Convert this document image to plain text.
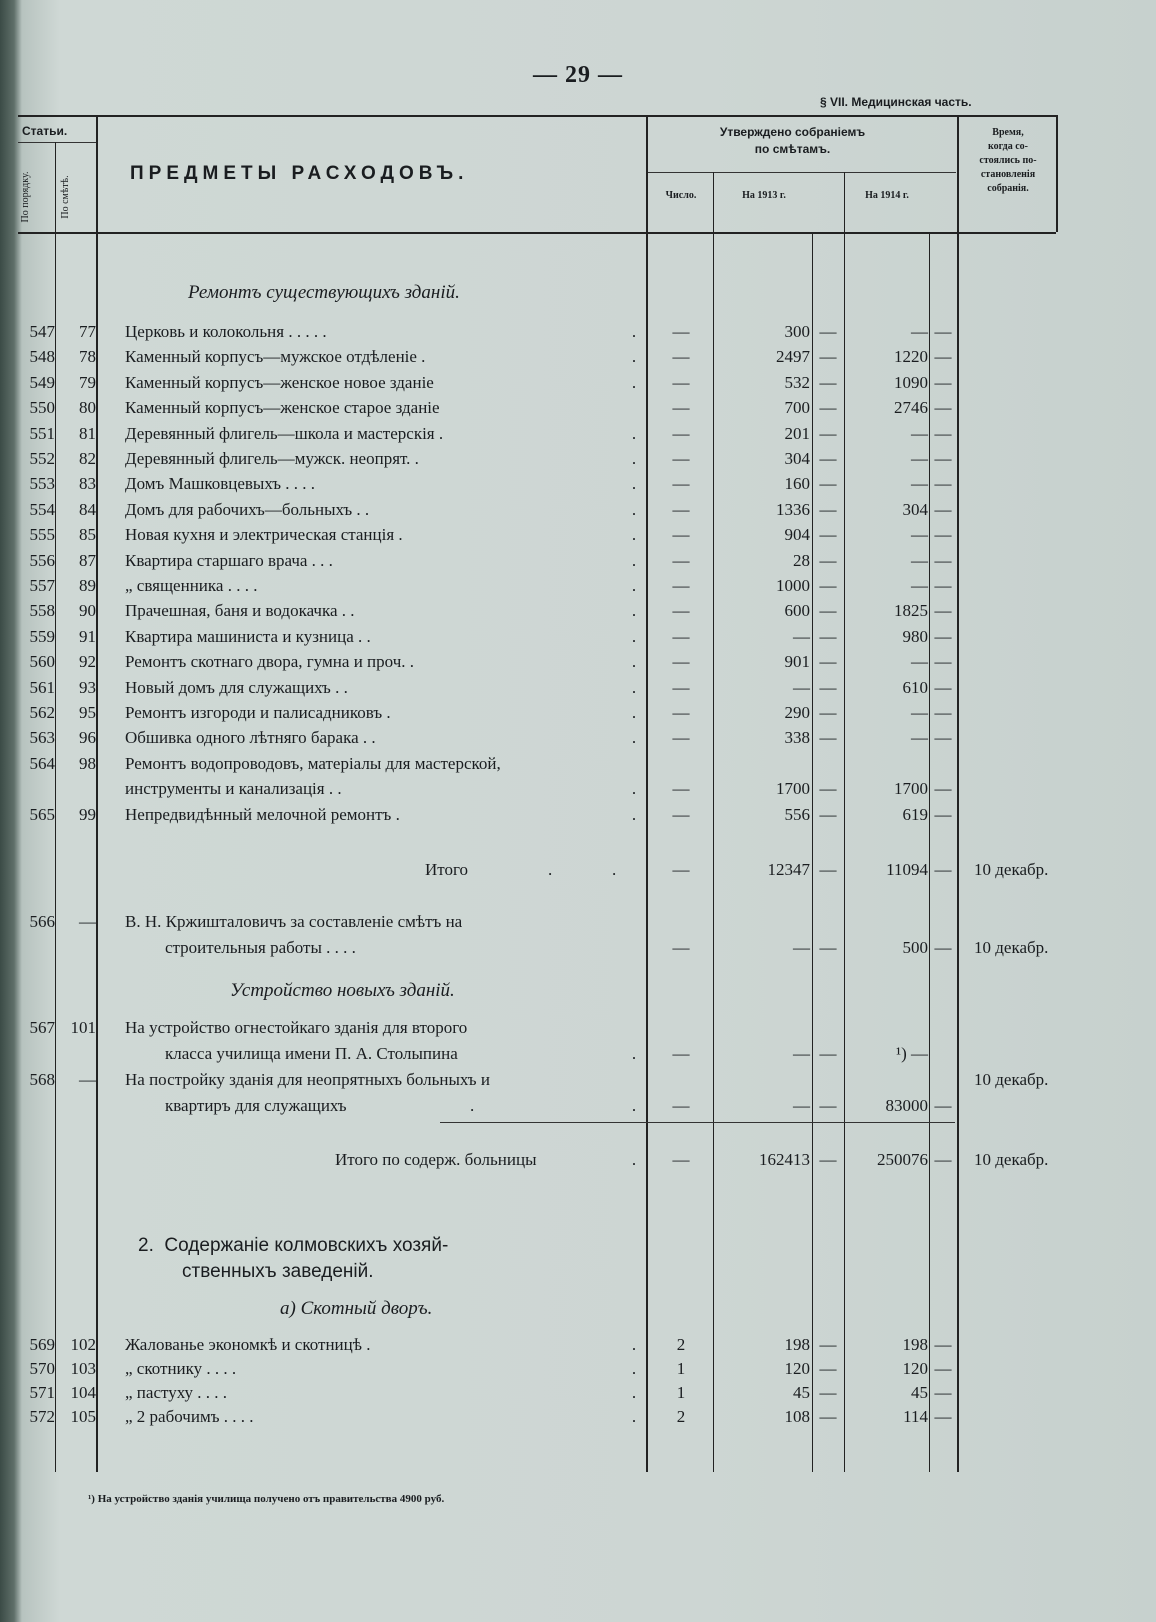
— 29 —
§ VII. Медицинская часть.
Статьи.
По порядку.	По смѣтѣ.
ПРЕДМЕТЫ РАСХОДОВЪ.
Утверждено собраніемъ
по смѣтамъ.
Число.	На 1913 г.	На 1914 г.
Время,
когда со-
стоялись по-
становленія
собранія.
Ремонтъ существующихъ зданій.
547	77 Церковь и колокольня . . . . .	.	—	300 —	— —
548	78 Каменный корпусъ—мужское отдѣленіе .	.	—	2497 —	1220 —
549	79 Каменный корпусъ—женское новое зданіе	.	—	532 —	1090 —
550	80 Каменный корпусъ—женское старое зданіе	—	700 —	2746 —
551	81 Деревянный флигель—школа и мастерскія .	.	—	201 —	— —
552	82 Деревянный флигель—мужск. неопрят. .	.	—	304 —	— —
553	83 Домъ Машковцевыхъ . . . .	.	—	160 —	— —
554	84 Домъ для рабочихъ—больныхъ . .	.	—	1336 —	304 —
555	85 Новая кухня и электрическая станція .	.	—	904 —	— —
556	87 Квартира старшаго врача . . .	.	—	28 —	— —
557	89 „ священника . . . .	.	—	1000 —	— —
558	90 Прачешная, баня и водокачка . .	.	—	600 —	1825 —
559	91 Квартира машиниста и кузница . .	.	—	— —	980 —
560	92 Ремонтъ скотнаго двора, гумна и проч. .	.	—	901 —	— —
561	93 Новый домъ для служащихъ . .	.	—	— —	610 —
562	95 Ремонтъ изгороди и палисадниковъ .	.	—	290 —	— —
563	96 Обшивка одного лѣтняго барака . .	.	—	338 —	— —
564	98 Ремонтъ водопроводовъ, матеріалы для мастерской,
инструменты и канализація . .	.	—	1700 —	1700 —
565	99 Непредвидѣнный мелочной ремонтъ .	.	—	556 —	619 —
Итого	.	.	—	12347 —	11094 — 10 декабр.
566	— В. Н. Кржишталовичъ за составленіе смѣтъ на
строительныя работы . . . .	—	— —	500 — 10 декабр.
Устройство новыхъ зданій.
567 101 На устройство огнестойкаго зданія для второго
класса училища имени П. А. Столыпина	.	—	— —	¹) —
568	— На постройку зданія для неопрятныхъ больныхъ и	10 декабр.
квартиръ для служащихъ	.	.	—	— —	83000 —
Итого по содерж. больницы	.	—	162413 —	250076 — 10 декабр.
2. Содержаніе колмовскихъ хозяй-
ственныхъ заведеній.
а) Скотный дворъ.
569 102 Жалованье экономкѣ и скотницѣ .	.	2	198 —	198 —
570 103 „ скотнику . . . .	.	1	120 —	120 —
571 104 „ пастуху . . . .	.	1	45 —	45 —
572 105 „ 2 рабочимъ . . . .	.	2	108 —	114 —
¹) На устройство зданія училища получено отъ правительства 4900 руб.
